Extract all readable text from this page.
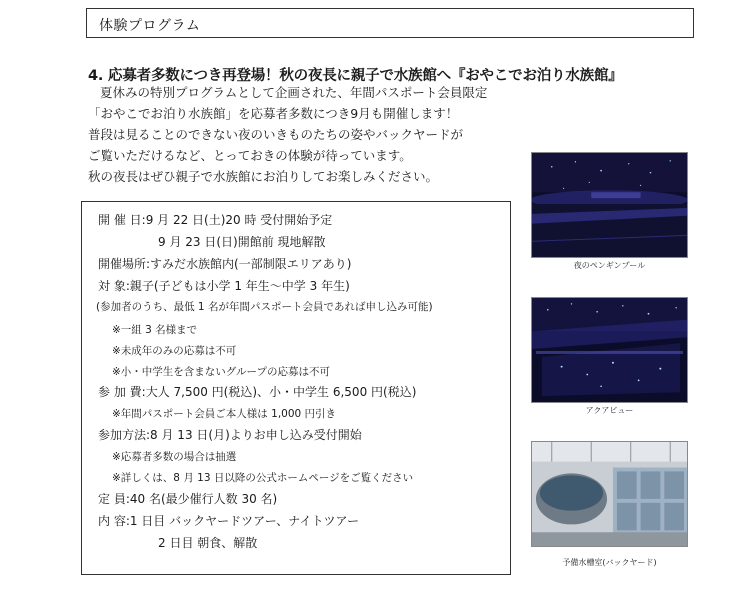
体験プログラム
4. 応募者多数につき再登場！秋の夜長に親子で水族館へ『おやこでお泊り水族館』
夏休みの特別プログラムとして企画された、年間パスポート会員限定
「おやこでお泊り水族館」を応募者多数につき9月も開催します！
普段は見ることのできない夜のいきものたちの姿やバックヤードが
ご覧いただけるなど、とっておきの体験が待っています。
秋の夜長はぜひ親子で水族館にお泊りしてお楽しみください。
開 催 日:9 月 22 日(土)20 時 受付開始予定
9 月 23 日(日)開館前 現地解散
開催場所:すみだ水族館内(一部制限エリアあり)
対 象:親子(子どもは小学 1 年生～中学 3 年生)
(参加者のうち、最低 1 名が年間パスポート会員であれば申し込み可能)
※一組 3 名様まで
※未成年のみの応募は不可
※小・中学生を含まないグループの応募は不可
参 加 費:大人 7,500 円(税込)、小・中学生 6,500 円(税込)
※年間パスポート会員ご本人様は 1,000 円引き
参加方法:8 月 13 日(月)よりお申し込み受付開始
※応募者多数の場合は抽選
※詳しくは、8 月 13 日以降の公式ホームページをご覧ください
定 員:40 名(最少催行人数 30 名)
内 容:1 日目 バックヤードツアー、ナイトツアー
2 日目 朝食、解散
夜のペンギンプール
アクアビュー
予備水槽室(バックヤード)
